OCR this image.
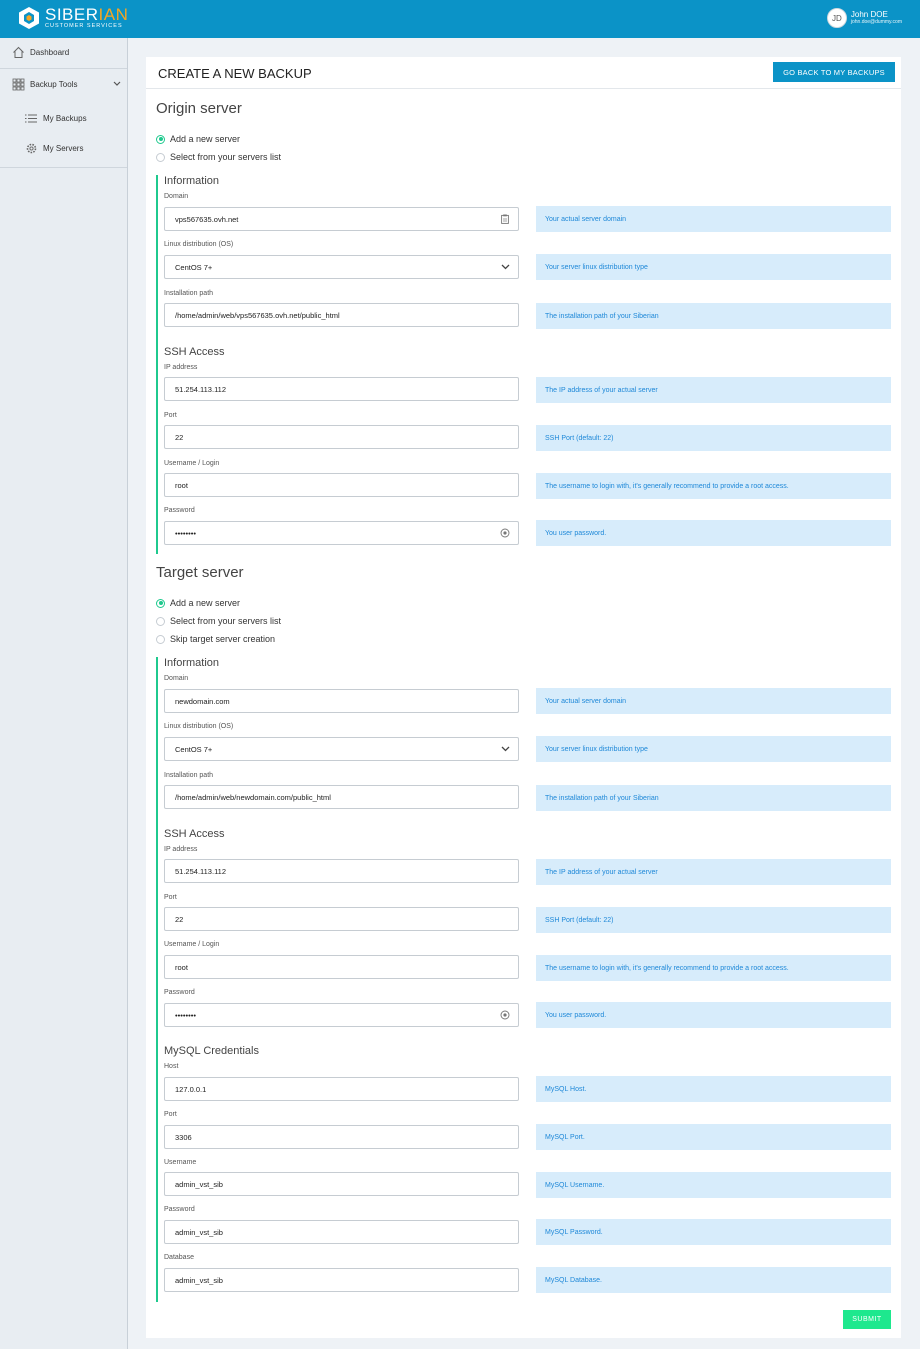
SIBERIAN
CUSTOMER SERVICES
JD	John DOE
john.doe@dummy.com
Dashboard
Backup Tools
My Backups
My Servers
CREATE A NEW BACKUP	GO BACK TO MY BACKUPS
Origin server
Add a new server
Select from your servers list
Information
Domain
vps567635.ovh.net	Your actual server domain
Linux distribution (OS)
CentOS 7+	Your server linux distribution type
Installation path
/home/admin/web/vps567635.ovh.net/public_html	The installation path of your Siberian
SSH Access
IP address
51.254.113.112	The IP address of your actual server
Port
22	SSH Port (default: 22)
Username / Login
root	The username to login with, it's generally recommend to provide a root access.
Password
••••••••	You user password.
Target server
Add a new server
Select from your servers list
Skip target server creation
Information
Domain
newdomain.com	Your actual server domain
Linux distribution (OS)
CentOS 7+	Your server linux distribution type
Installation path
/home/admin/web/newdomain.com/public_html	The installation path of your Siberian
SSH Access
IP address
51.254.113.112	The IP address of your actual server
Port
22	SSH Port (default: 22)
Username / Login
root	The username to login with, it's generally recommend to provide a root access.
Password
••••••••	You user password.
MySQL Credentials
Host
127.0.0.1	MySQL Host.
Port
3306	MySQL Port.
Username
admin_vst_sib	MySQL Username.
Password
admin_vst_sib	MySQL Password.
Database
admin_vst_sib	MySQL Database.
SUBMIT
